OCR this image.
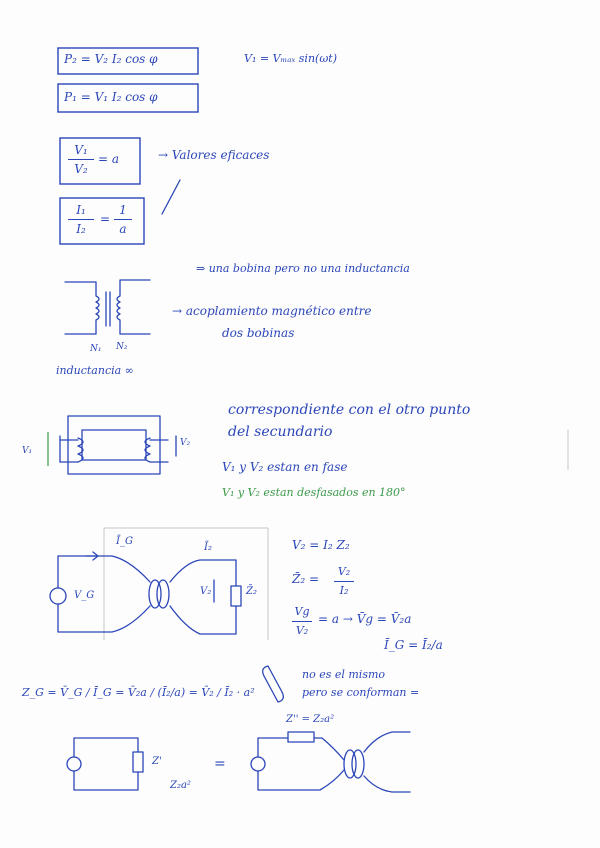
P₂ = V₂ I₂ cos φ
P₁ = V₁ I₂ cos φ
V₁ = Vₘₐₓ sin(ωt)
V₁
V₂
= a	→ Valores eficaces
I₁
I₂
=
1
a
⇒ una bobina pero no una inductancia
→ acoplamiento magnético entre
dos bobinas
N₁ N₂
inductancia ∞
V₁
V₂
correspondiente con el otro punto
del secundario
V₁ y V₂ estan en fase
V₁ y V₂ estan desfasados en 180°
Ī_G
Ī₂
V_G	V₂	Z̄₂
V₂ = I₂ Z₂
Z̄₂ =
V₂
I₂
Vg
V₂
= a → V̄g = V̄₂a
Ī_G = Ī₂/a
Z_G = V̄_G / Ī_G = V̄₂a / (Ī₂/a) = V̄₂ / Ī₂ · a²
no es el mismo
pero se conforman =
Z'
Z₂a²
=
Z'' = Z₂a²
